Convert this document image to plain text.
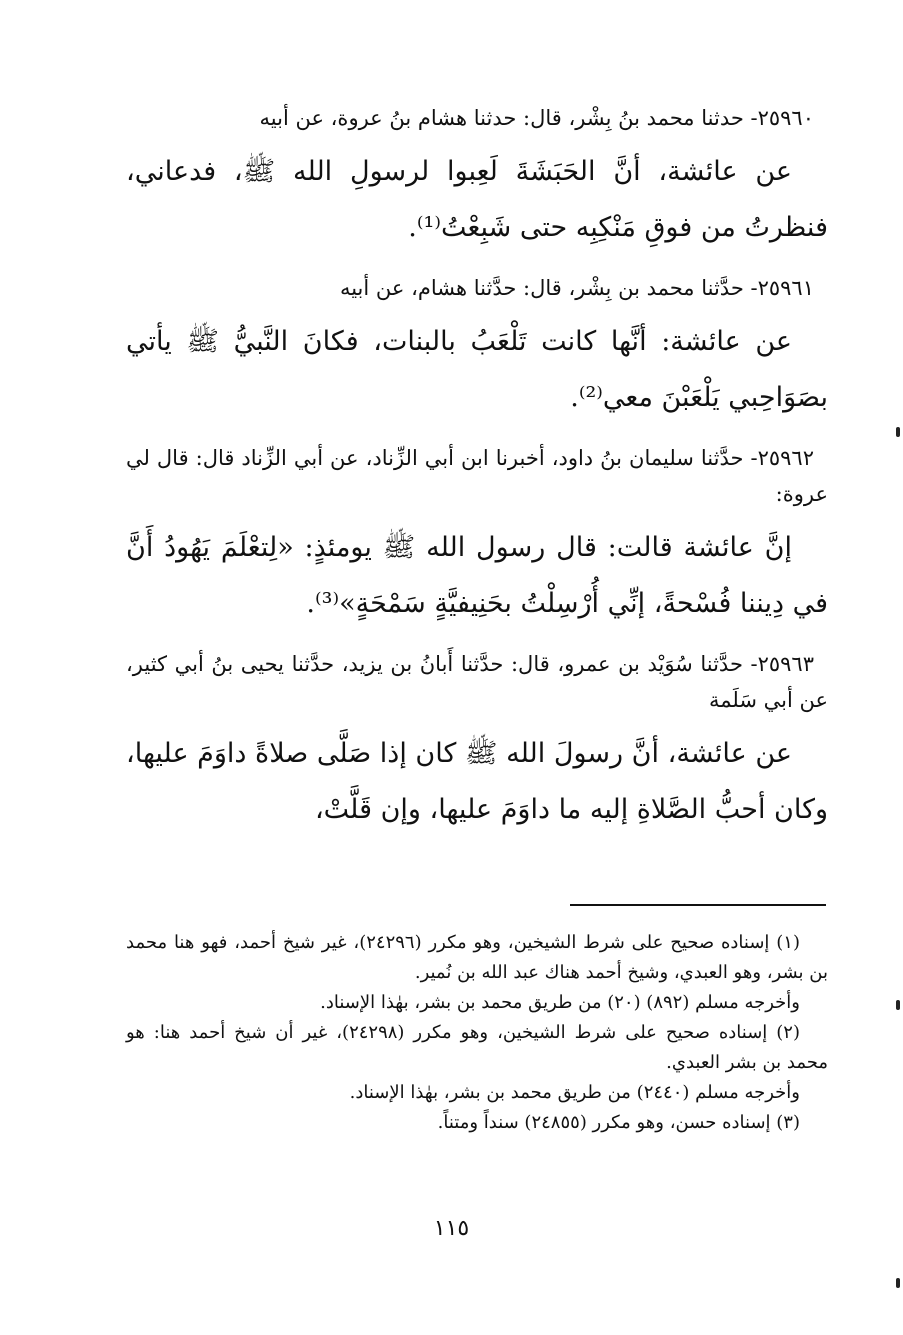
٢٥٩٦٠- حدثنا محمد بنُ بِشْر، قال: حدثنا هشام بنُ عروة، عن أبيه

عن عائشة، أنَّ الحَبَشَةَ لَعِبوا لرسولِ الله ﷺ، فدعاني، فنظرتُ من فوقِ مَنْكِبِه حتى شَبِعْتُ⁽¹⁾.

٢٥٩٦١- حدَّثنا محمد بن بِشْر، قال: حدَّثنا هشام، عن أبيه

عن عائشة: أنَّها كانت تَلْعَبُ بالبنات، فكانَ النَّبيُّ ﷺ يأتي بصَوَاحِبي يَلْعَبْنَ معي⁽²⁾.

٢٥٩٦٢- حدَّثنا سليمان بنُ داود، أخبرنا ابن أبي الزِّناد، عن أبي الزِّناد قال: قال لي عروة:

إنَّ عائشة قالت: قال رسول الله ﷺ يومئذٍ: «لِتعْلَمَ يَهُودُ أَنَّ في دِيننا فُسْحةً، إنِّي أُرْسِلْتُ بحَنِيفيَّةٍ سَمْحَةٍ»⁽³⁾.

٢٥٩٦٣- حدَّثنا سُوَيْد بن عمرو، قال: حدَّثنا أَبانُ بن يزيد، حدَّثنا يحيى بنُ أبي كثير، عن أبي سَلَمة

عن عائشة، أنَّ رسولَ الله ﷺ كان إذا صَلَّى صلاةً داوَمَ عليها، وكان أحبُّ الصَّلاةِ إليه ما داوَمَ عليها، وإن قَلَّتْ،

(١) إسناده صحيح على شرط الشيخين، وهو مكرر (٢٤٢٩٦)، غير شيخ أحمد، فهو هنا محمد بن بشر، وهو العبدي، وشيخ أحمد هناك عبد الله بن نُمير.

وأخرجه مسلم (٨٩٢) (٢٠) من طريق محمد بن بشر، بهٰذا الإسناد.

(٢) إسناده صحيح على شرط الشيخين، وهو مكرر (٢٤٢٩٨)، غير أن شيخ أحمد هنا: هو محمد بن بشر العبدي.

وأخرجه مسلم (٢٤٤٠) من طريق محمد بن بشر، بهٰذا الإسناد.

(٣) إسناده حسن، وهو مكرر (٢٤٨٥٥) سنداً ومتناً.

١١٥
